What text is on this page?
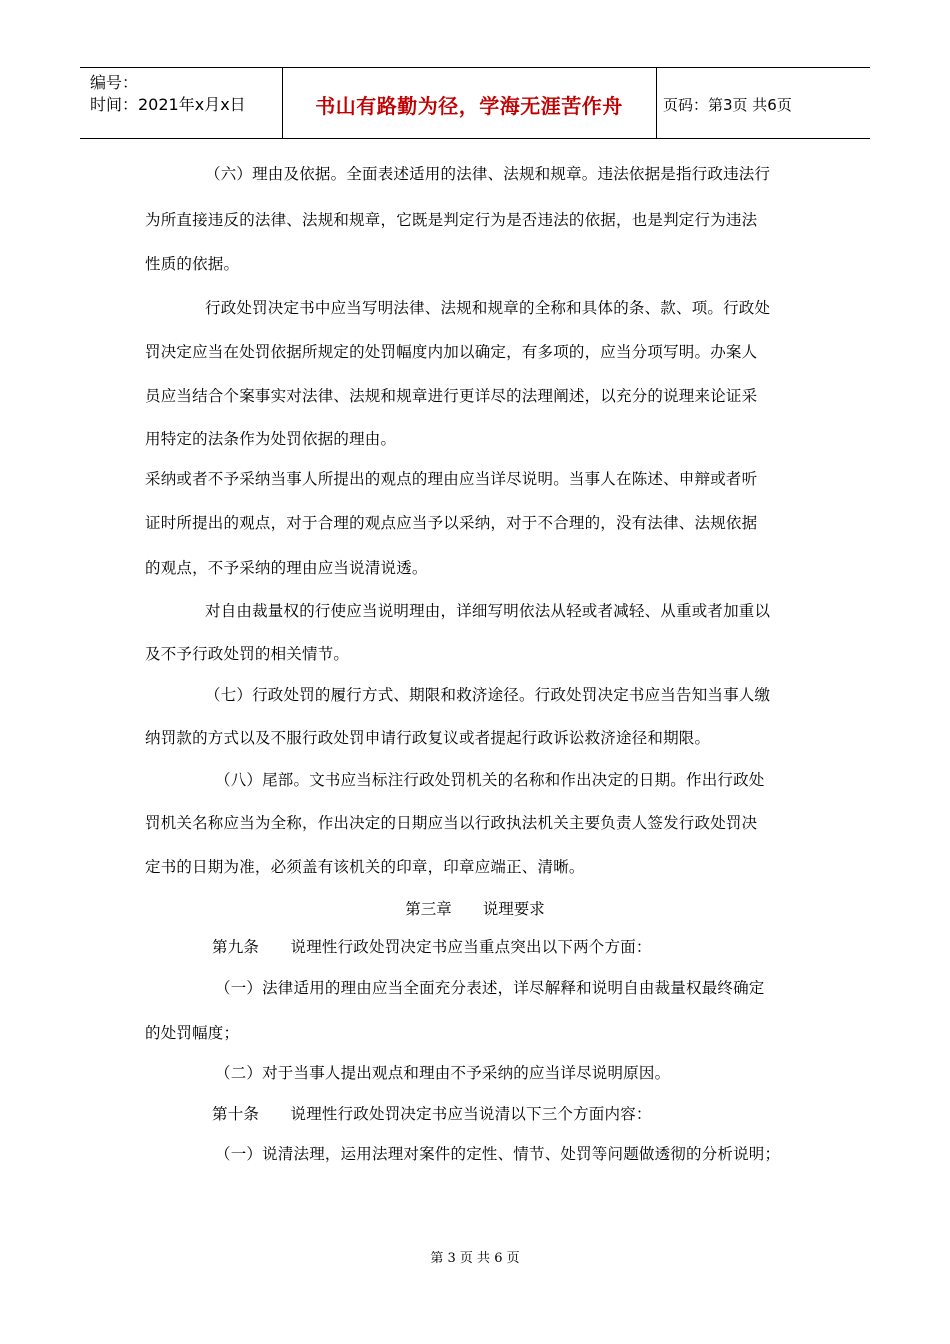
编号：
时间：2021年x月x日	书山有路勤为径，学海无涯苦作舟	页码：第3页 共6页
（六）理由及依据。全面表述适用的法律、法规和规章。违法依据是指行政违法行
为所直接违反的法律、法规和规章，它既是判定行为是否违法的依据，也是判定行为违法
性质的依据。
行政处罚决定书中应当写明法律、法规和规章的全称和具体的条、款、项。行政处
罚决定应当在处罚依据所规定的处罚幅度内加以确定，有多项的，应当分项写明。办案人
员应当结合个案事实对法律、法规和规章进行更详尽的法理阐述，以充分的说理来论证采
用特定的法条作为处罚依据的理由。
采纳或者不予采纳当事人所提出的观点的理由应当详尽说明。当事人在陈述、申辩或者听
证时所提出的观点，对于合理的观点应当予以采纳，对于不合理的，没有法律、法规依据
的观点，不予采纳的理由应当说清说透。
对自由裁量权的行使应当说明理由，详细写明依法从轻或者减轻、从重或者加重以
及不予行政处罚的相关情节。
（七）行政处罚的履行方式、期限和救济途径。行政处罚决定书应当告知当事人缴
纳罚款的方式以及不服行政处罚申请行政复议或者提起行政诉讼救济途径和期限。
（八）尾部。文书应当标注行政处罚机关的名称和作出决定的日期。作出行政处
罚机关名称应当为全称，作出决定的日期应当以行政执法机关主要负责人签发行政处罚决
定书的日期为准，必须盖有该机关的印章，印章应端正、清晰。
第三章　　说理要求
第九条　　说理性行政处罚决定书应当重点突出以下两个方面：
（一）法律适用的理由应当全面充分表述，详尽解释和说明自由裁量权最终确定
的处罚幅度；
（二）对于当事人提出观点和理由不予采纳的应当详尽说明原因。
第十条　　说理性行政处罚决定书应当说清以下三个方面内容：
（一）说清法理，运用法理对案件的定性、情节、处罚等问题做透彻的分析说明；
第 3 页 共 6 页
